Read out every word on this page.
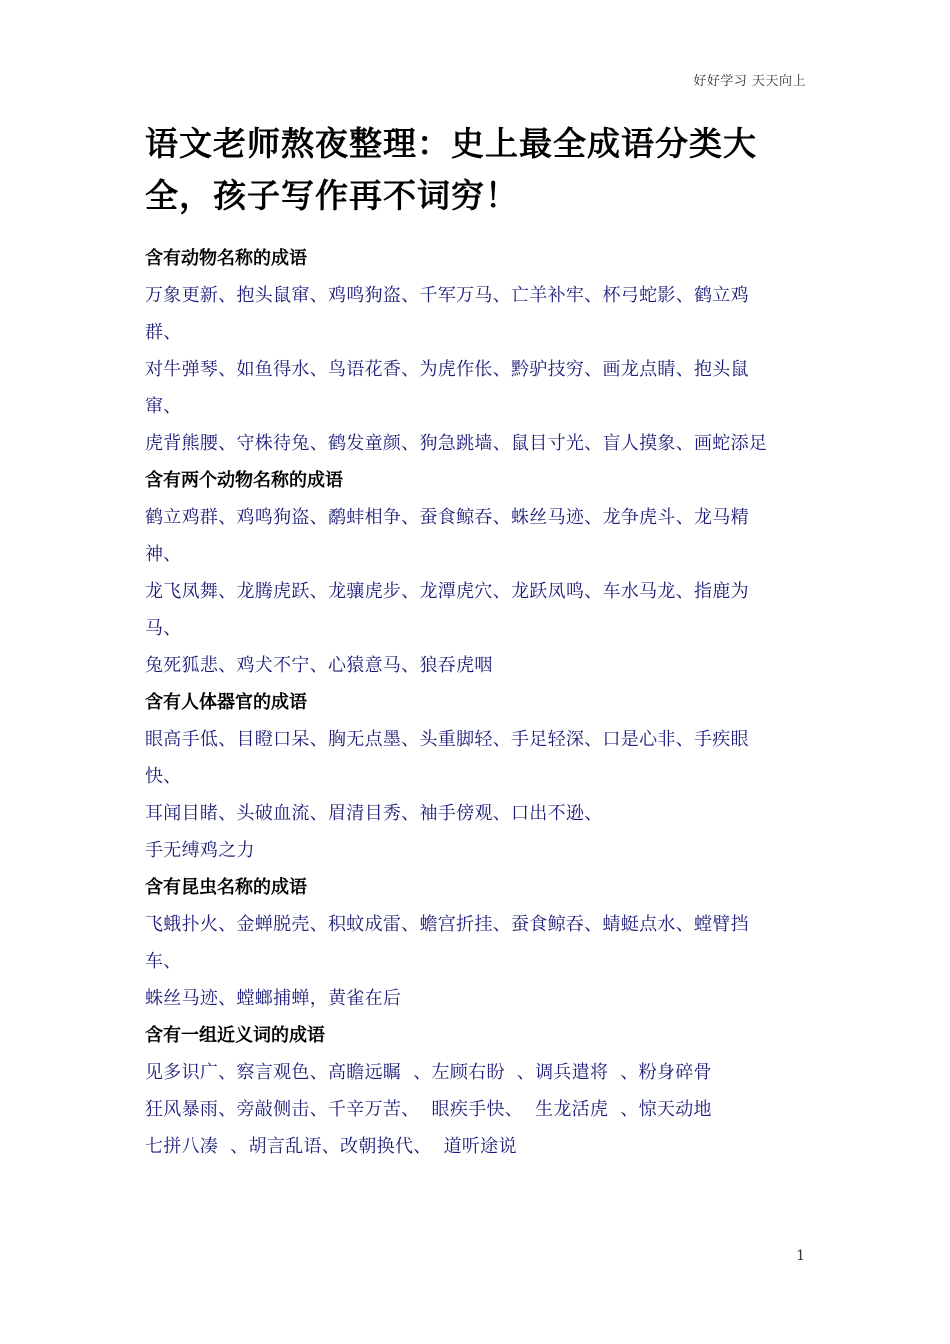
好好学习 天天向上
语文老师熬夜整理：史上最全成语分类大
全，孩子写作再不词穷！

含有动物名称的成语

万象更新、抱头鼠窜、鸡鸣狗盗、千军万马、亡羊补牢、杯弓蛇影、鹤立鸡

群、

对牛弹琴、如鱼得水、鸟语花香、为虎作伥、黔驴技穷、画龙点睛、抱头鼠

窜、

虎背熊腰、守株待兔、鹤发童颜、狗急跳墙、鼠目寸光、盲人摸象、画蛇添足

含有两个动物名称的成语

鹤立鸡群、鸡鸣狗盗、鹬蚌相争、蚕食鲸吞、蛛丝马迹、龙争虎斗、龙马精

神、

龙飞凤舞、龙腾虎跃、龙骧虎步、龙潭虎穴、龙跃凤鸣、车水马龙、指鹿为

马、

兔死狐悲、鸡犬不宁、心猿意马、狼吞虎咽

含有人体器官的成语

眼高手低、目瞪口呆、胸无点墨、头重脚轻、手足轻深、口是心非、手疾眼

快、

耳闻目睹、头破血流、眉清目秀、袖手傍观、口出不逊、

手无缚鸡之力

含有昆虫名称的成语

飞蛾扑火、金蝉脱壳、积蚊成雷、蟾宫折挂、蚕食鲸吞、蜻蜓点水、螳臂挡

车、

蛛丝马迹、螳螂捕蝉，黄雀在后

含有一组近义词的成语

见多识广、察言观色、高瞻远瞩  、左顾右盼  、调兵遣将  、粉身碎骨

狂风暴雨、旁敲侧击、千辛万苦、  眼疾手快、  生龙活虎  、惊天动地

七拼八凑  、胡言乱语、改朝换代、  道听途说

1
